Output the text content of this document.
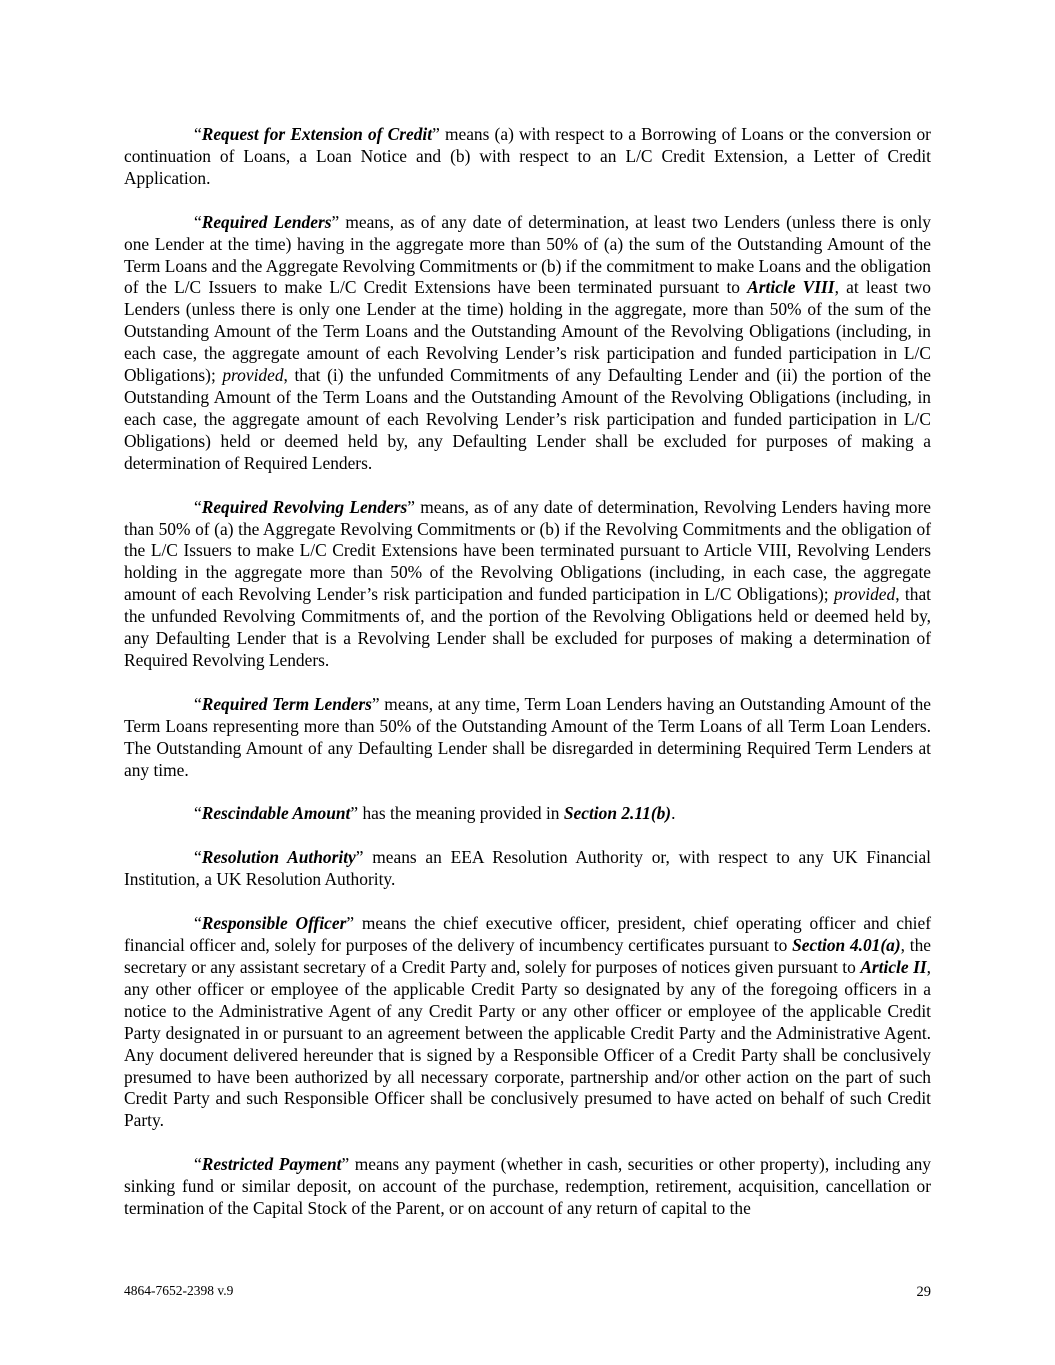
“Request for Extension of Credit” means (a) with respect to a Borrowing of Loans or the conversion or continuation of Loans, a Loan Notice and (b) with respect to an L/C Credit Extension, a Letter of Credit Application.

“Required Lenders” means, as of any date of determination, at least two Lenders (unless there is only one Lender at the time) having in the aggregate more than 50% of (a) the sum of the Outstanding Amount of the Term Loans and the Aggregate Revolving Commitments or (b) if the commitment to make Loans and the obligation of the L/C Issuers to make L/C Credit Extensions have been terminated pursuant to Article VIII, at least two Lenders (unless there is only one Lender at the time) holding in the aggregate, more than 50% of the sum of the Outstanding Amount of the Term Loans and the Outstanding Amount of the Revolving Obligations (including, in each case, the aggregate amount of each Revolving Lender’s risk participation and funded participation in L/C Obligations); provided, that (i) the unfunded Commitments of any Defaulting Lender and (ii) the portion of the Outstanding Amount of the Term Loans and the Outstanding Amount of the Revolving Obligations (including, in each case, the aggregate amount of each Revolving Lender’s risk participation and funded participation in L/C Obligations) held or deemed held by, any Defaulting Lender shall be excluded for purposes of making a determination of Required Lenders.

“Required Revolving Lenders” means, as of any date of determination, Revolving Lenders having more than 50% of (a) the Aggregate Revolving Commitments or (b) if the Revolving Commitments and the obligation of the L/C Issuers to make L/C Credit Extensions have been terminated pursuant to Article VIII, Revolving Lenders holding in the aggregate more than 50% of the Revolving Obligations (including, in each case, the aggregate amount of each Revolving Lender’s risk participation and funded participation in L/C Obligations); provided, that the unfunded Revolving Commitments of, and the portion of the Revolving Obligations held or deemed held by, any Defaulting Lender that is a Revolving Lender shall be excluded for purposes of making a determination of Required Revolving Lenders.

“Required Term Lenders” means, at any time, Term Loan Lenders having an Outstanding Amount of the Term Loans representing more than 50% of the Outstanding Amount of the Term Loans of all Term Loan Lenders. The Outstanding Amount of any Defaulting Lender shall be disregarded in determining Required Term Lenders at any time.

“Rescindable Amount” has the meaning provided in Section 2.11(b).

“Resolution Authority” means an EEA Resolution Authority or, with respect to any UK Financial Institution, a UK Resolution Authority.

“Responsible Officer” means the chief executive officer, president, chief operating officer and chief financial officer and, solely for purposes of the delivery of incumbency certificates pursuant to Section 4.01(a), the secretary or any assistant secretary of a Credit Party and, solely for purposes of notices given pursuant to Article II, any other officer or employee of the applicable Credit Party so designated by any of the foregoing officers in a notice to the Administrative Agent of any Credit Party or any other officer or employee of the applicable Credit Party designated in or pursuant to an agreement between the applicable Credit Party and the Administrative Agent. Any document delivered hereunder that is signed by a Responsible Officer of a Credit Party shall be conclusively presumed to have been authorized by all necessary corporate, partnership and/or other action on the part of such Credit Party and such Responsible Officer shall be conclusively presumed to have acted on behalf of such Credit Party.

“Restricted Payment” means any payment (whether in cash, securities or other property), including any sinking fund or similar deposit, on account of the purchase, redemption, retirement, acquisition, cancellation or termination of the Capital Stock of the Parent, or on account of any return of capital to the

4864-7652-2398 v.9	29
